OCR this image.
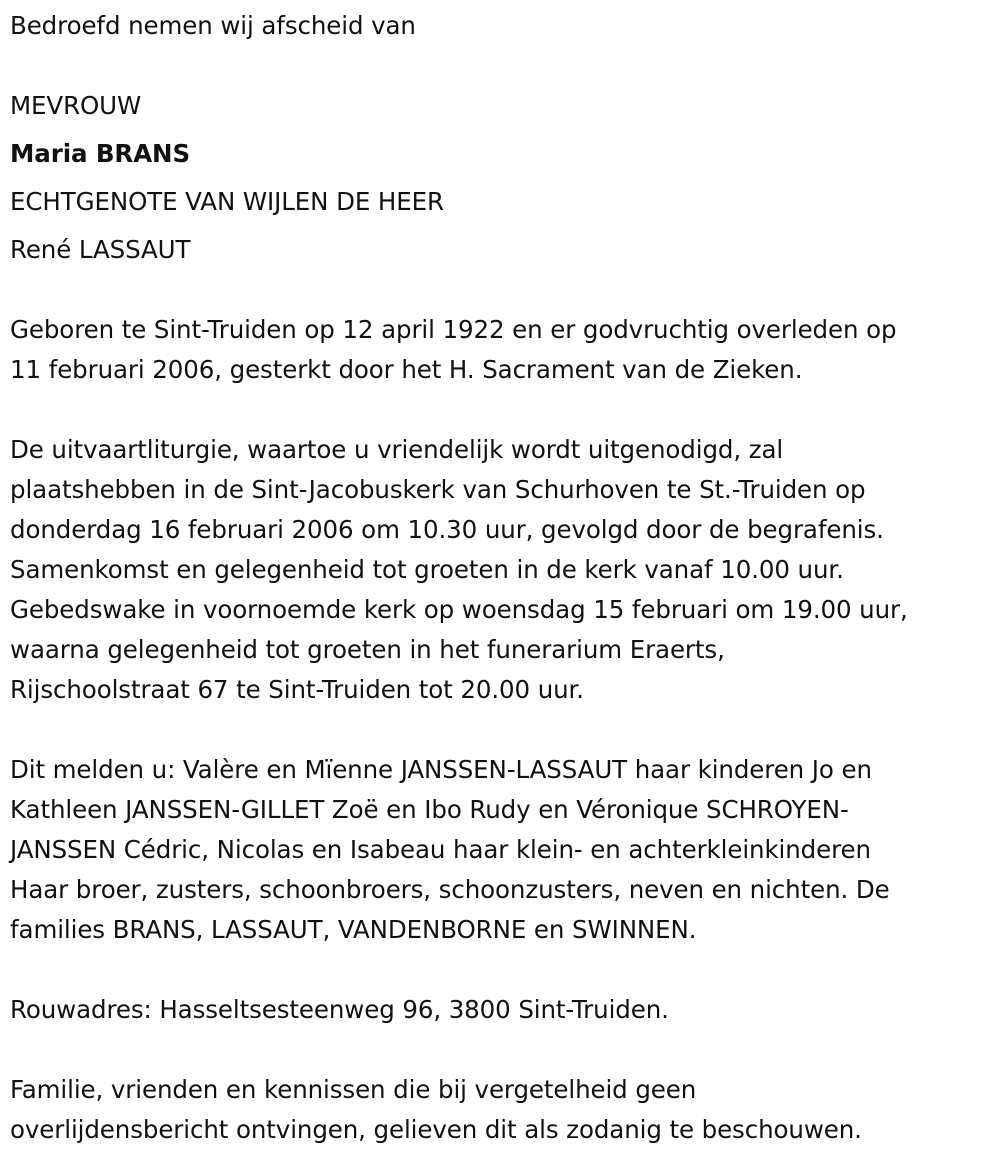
Bedroefd nemen wij afscheid van
MEVROUW
Maria BRANS
ECHTGENOTE VAN WIJLEN DE HEER
René LASSAUT
Geboren te Sint-Truiden op 12 april 1922 en er godvruchtig overleden op
11 februari 2006, gesterkt door het H. Sacrament van de Zieken.
De uitvaartliturgie, waartoe u vriendelijk wordt uitgenodigd, zal
plaatshebben in de Sint-Jacobuskerk van Schurhoven te St.-Truiden op
donderdag 16 februari 2006 om 10.30 uur, gevolgd door de begrafenis.
Samenkomst en gelegenheid tot groeten in de kerk vanaf 10.00 uur.
Gebedswake in voornoemde kerk op woensdag 15 februari om 19.00 uur,
waarna gelegenheid tot groeten in het funerarium Eraerts,
Rijschoolstraat 67 te Sint-Truiden tot 20.00 uur.
Dit melden u: Valère en Mïenne JANSSEN-LASSAUT haar kinderen Jo en
Kathleen JANSSEN-GILLET Zoë en Ibo Rudy en Véronique SCHROYEN-
JANSSEN Cédric, Nicolas en Isabeau haar klein- en achterkleinkinderen
Haar broer, zusters, schoonbroers, schoonzusters, neven en nichten. De
families BRANS, LASSAUT, VANDENBORNE en SWINNEN.
Rouwadres: Hasseltsesteenweg 96, 3800 Sint-Truiden.
Familie, vrienden en kennissen die bij vergetelheid geen
overlijdensbericht ontvingen, gelieven dit als zodanig te beschouwen.
